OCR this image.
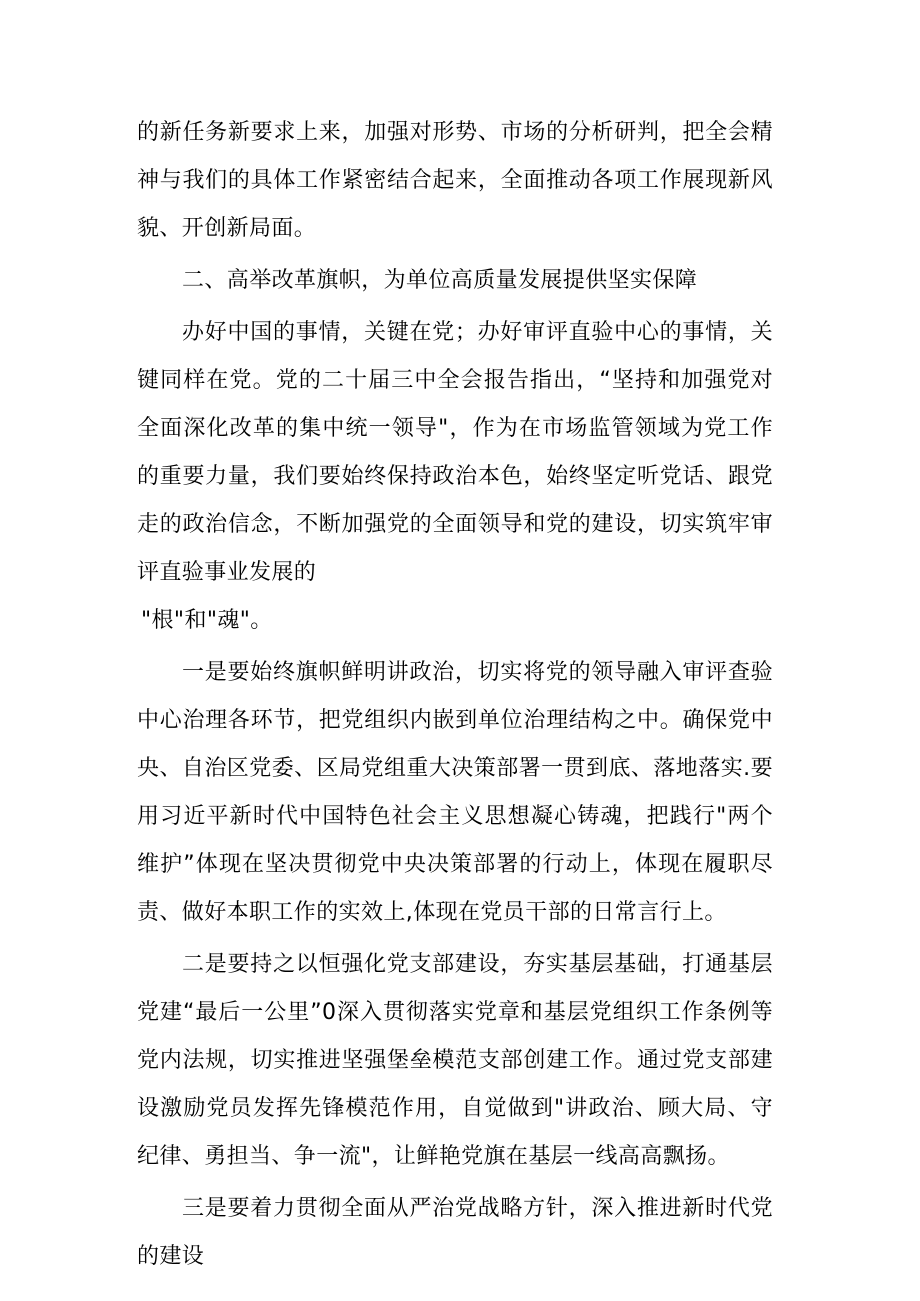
的新任务新要求上来，加强对形势、市场的分析研判，把全会精神与我们的具体工作紧密结合起来，全面推动各项工作展现新风貌、开创新局面。

二、高举改革旗帜，为单位高质量发展提供坚实保障

办好中国的事情，关键在党；办好审评直验中心的事情，关键同样在党。党的二十届三中全会报告指出，“坚持和加强党对全面深化改革的集中统一领导"，作为在市场监管领域为党工作的重要力量，我们要始终保持政治本色，始终坚定听党话、跟党走的政治信念，不断加强党的全面领导和党的建设，切实筑牢审评直验事业发展的

"根"和"魂"。

一是要始终旗帜鲜明讲政治，切实将党的领导融入审评查验中心治理各环节，把党组织内嵌到单位治理结构之中。确保党中央、自治区党委、区局党组重大决策部署一贯到底、落地落实.要用习近平新时代中国特色社会主义思想凝心铸魂，把践行"两个维护”体现在坚决贯彻党中央决策部署的行动上，体现在履职尽责、做好本职工作的实效上,体现在党员干部的日常言行上。

二是要持之以恒强化党支部建设，夯实基层基础，打通基层党建“最后一公里”0深入贯彻落实党章和基层党组织工作条例等党内法规，切实推进坚强堡垒模范支部创建工作。通过党支部建设激励党员发挥先锋模范作用，自觉做到"讲政治、顾大局、守纪律、勇担当、争一流"，让鲜艳党旗在基层一线高高飘扬。

三是要着力贯彻全面从严治党战略方针，深入推进新时代党的建设
